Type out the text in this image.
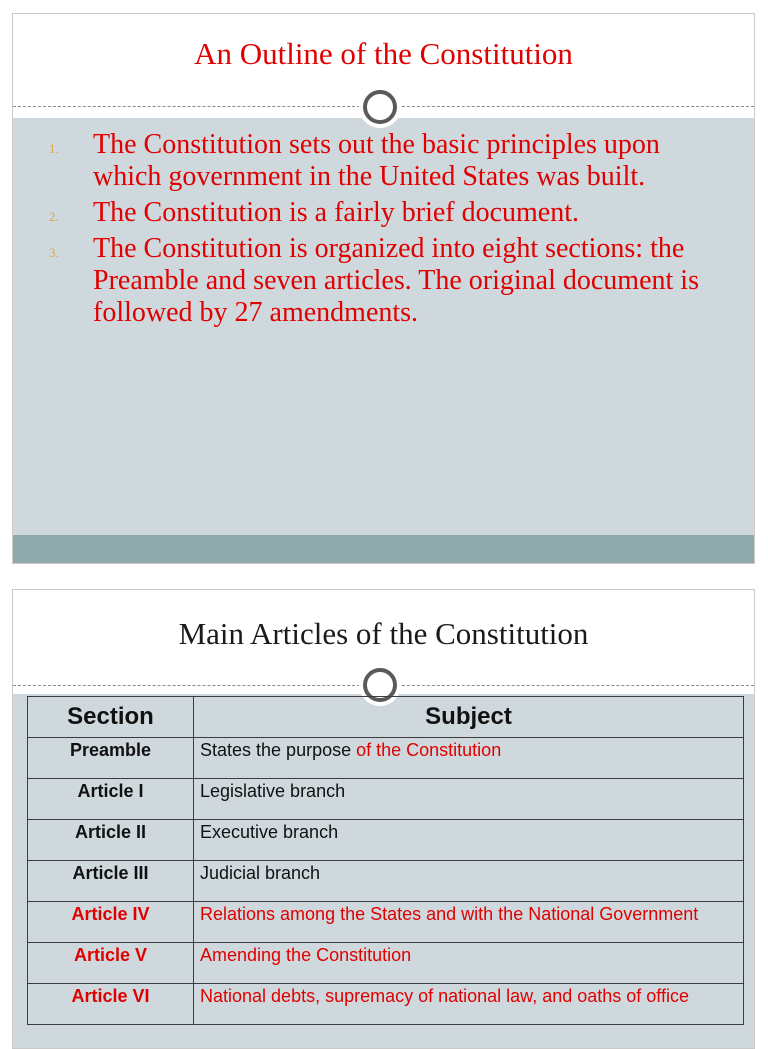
An Outline of the Constitution
1. The Constitution sets out the basic principles upon which government in the United States was built.
2. The Constitution is a fairly brief document.
3. The Constitution is organized into eight sections: the Preamble and seven articles. The original document is followed by 27 amendments.
Main Articles of the Constitution
Section	Subject
Preamble	States the purpose of the Constitution
Article I	Legislative branch
Article II	Executive branch
Article III	Judicial branch
Article IV	Relations among the States and with the National Government
Article V	Amending the Constitution
Article VI	National debts, supremacy of national law, and oaths of office
